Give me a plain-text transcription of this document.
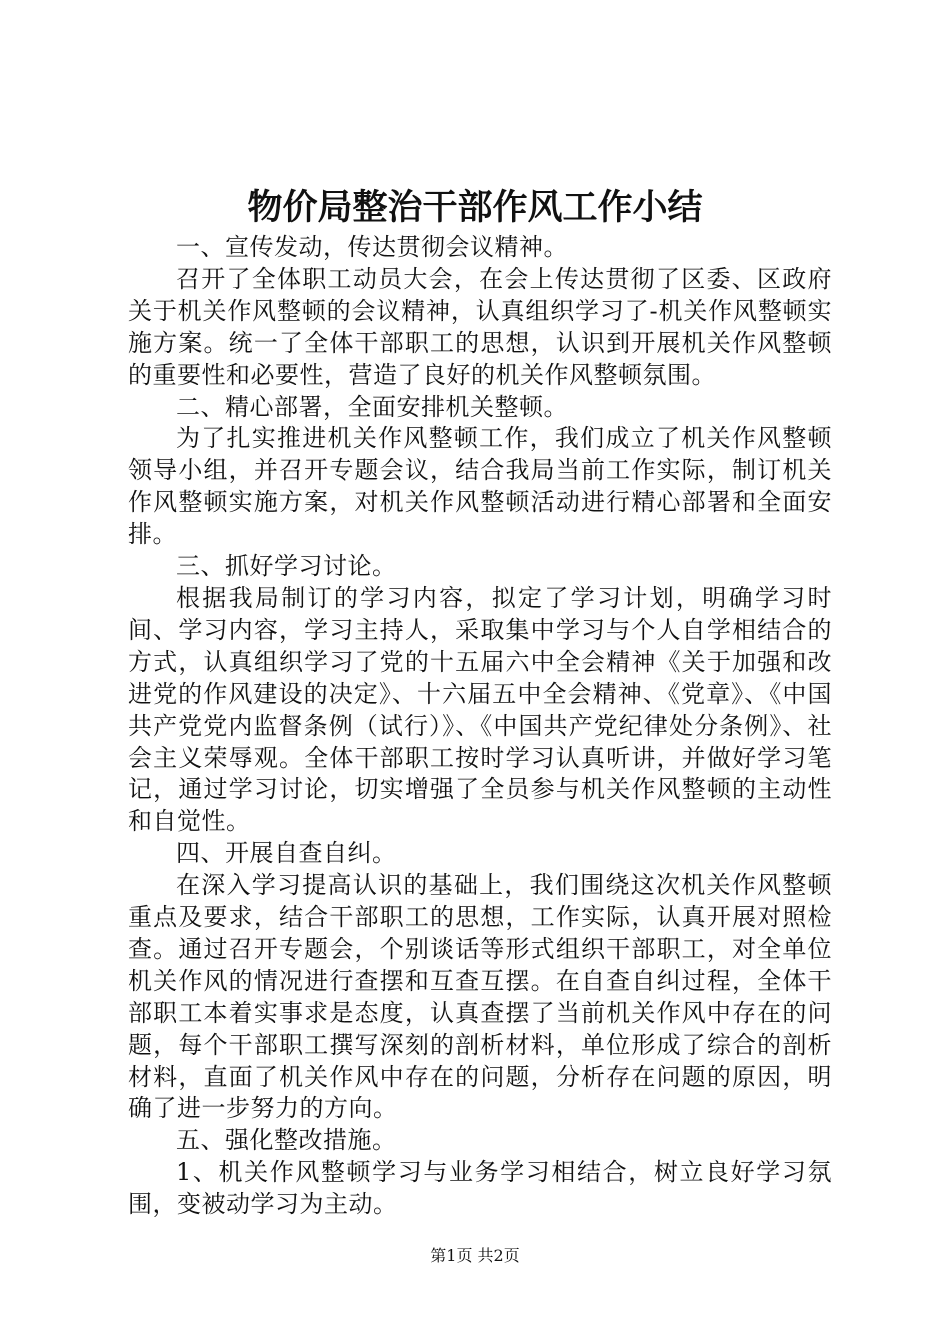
物价局整治干部作风工作小结

一、宣传发动，传达贯彻会议精神。

召开了全体职工动员大会，在会上传达贯彻了区委、区政府关于机关作风整顿的会议精神，认真组织学习了-机关作风整顿实施方案。统一了全体干部职工的思想，认识到开展机关作风整顿的重要性和必要性，营造了良好的机关作风整顿氛围。

二、精心部署，全面安排机关整顿。

为了扎实推进机关作风整顿工作，我们成立了机关作风整顿领导小组，并召开专题会议，结合我局当前工作实际，制订机关作风整顿实施方案，对机关作风整顿活动进行精心部署和全面安排。

三、抓好学习讨论。

根据我局制订的学习内容，拟定了学习计划，明确学习时间、学习内容，学习主持人，采取集中学习与个人自学相结合的方式，认真组织学习了党的十五届六中全会精神《关于加强和改进党的作风建设的决定》、十六届五中全会精神、《党章》、《中国共产党党内监督条例（试行）》、《中国共产党纪律处分条例》、社会主义荣辱观。全体干部职工按时学习认真听讲，并做好学习笔记，通过学习讨论，切实增强了全员参与机关作风整顿的主动性和自觉性。

四、开展自查自纠。

在深入学习提高认识的基础上，我们围绕这次机关作风整顿重点及要求，结合干部职工的思想，工作实际，认真开展对照检查。通过召开专题会，个别谈话等形式组织干部职工，对全单位机关作风的情况进行查摆和互查互摆。在自查自纠过程，全体干部职工本着实事求是态度，认真查摆了当前机关作风中存在的问题，每个干部职工撰写深刻的剖析材料，单位形成了综合的剖析材料，直面了机关作风中存在的问题，分析存在问题的原因，明确了进一步努力的方向。

五、强化整改措施。

1、机关作风整顿学习与业务学习相结合，树立良好学习氛围，变被动学习为主动。

第1页 共2页
